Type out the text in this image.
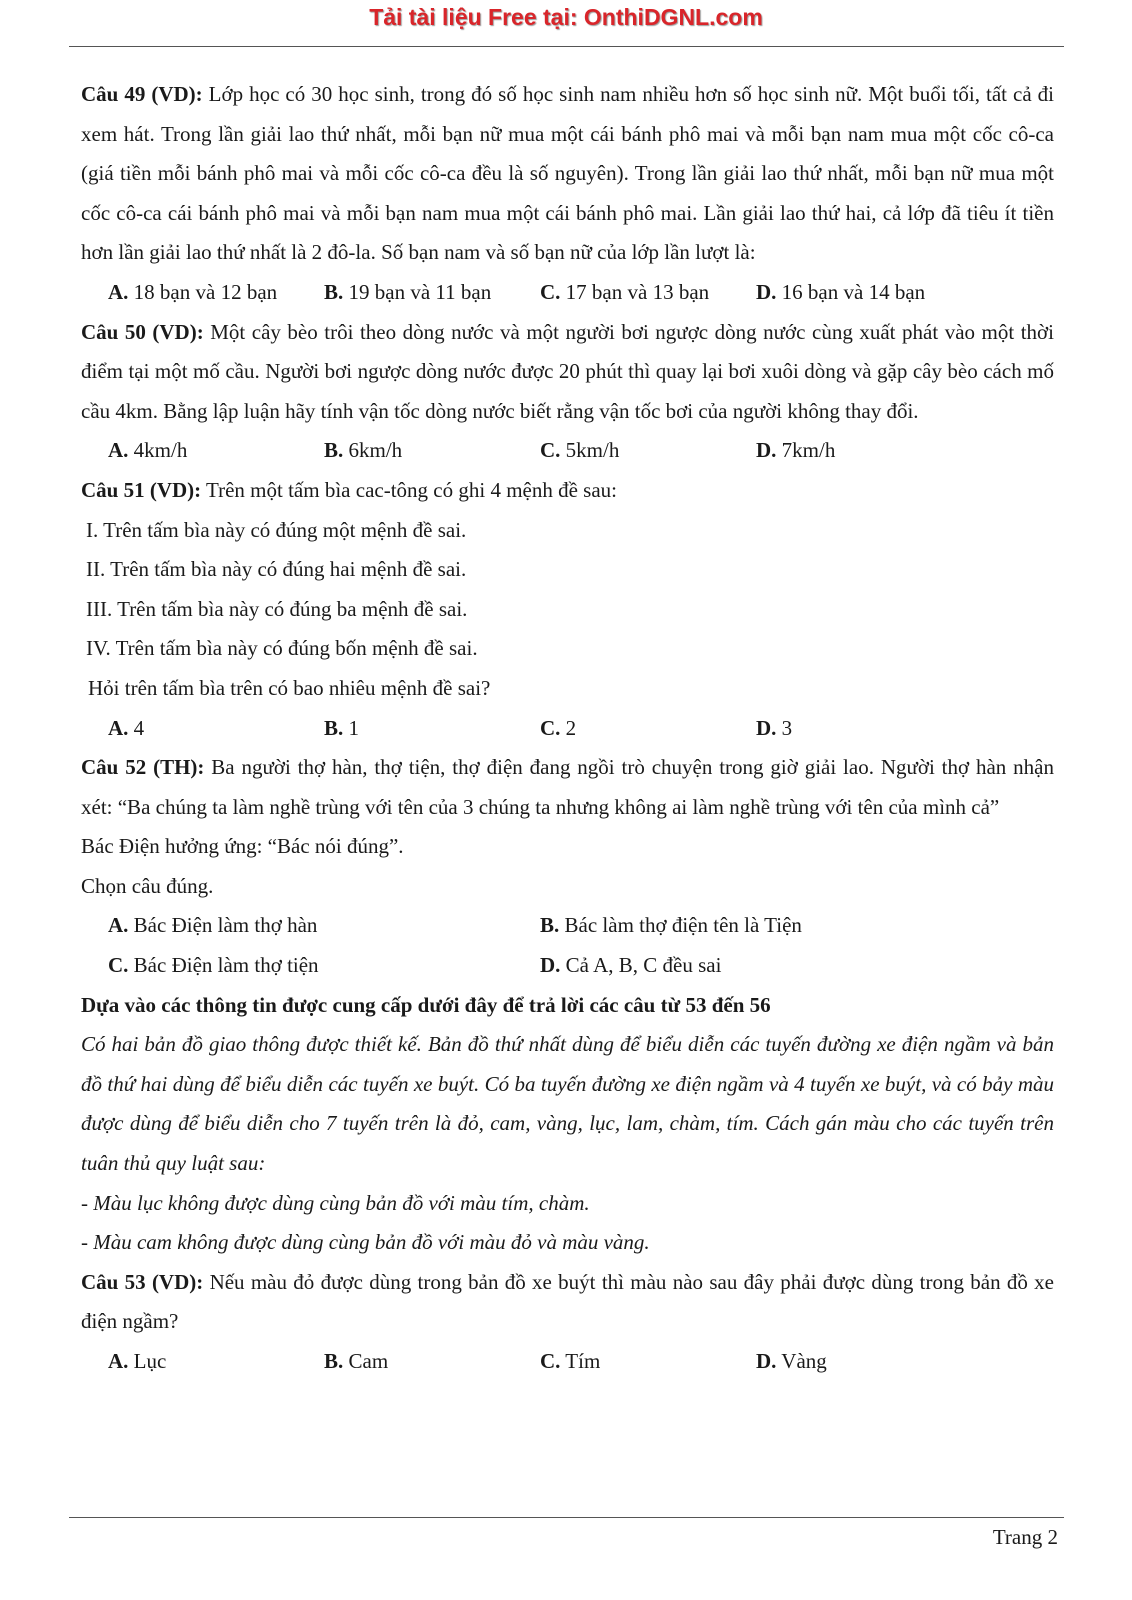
Tải tài liệu Free tại: OnthiDGNL.com

Câu 49 (VD): Lớp học có 30 học sinh, trong đó số học sinh nam nhiều hơn số học sinh nữ. Một buổi tối, tất cả đi xem hát. Trong lần giải lao thứ nhất, mỗi bạn nữ mua một cái bánh phô mai và mỗi bạn nam mua một cốc cô-ca (giá tiền mỗi bánh phô mai và mỗi cốc cô-ca đều là số nguyên). Trong lần giải lao thứ nhất, mỗi bạn nữ mua một cốc cô-ca cái bánh phô mai và mỗi bạn nam mua một cái bánh phô mai. Lần giải lao thứ hai, cả lớp đã tiêu ít tiền hơn lần giải lao thứ nhất là 2 đô-la. Số bạn nam và số bạn nữ của lớp lần lượt là:

A. 18 bạn và 12 bạn	B. 19 bạn và 11 bạn	C. 17 bạn và 13 bạn	D. 16 bạn và 14 bạn

Câu 50 (VD): Một cây bèo trôi theo dòng nước và một người bơi ngược dòng nước cùng xuất phát vào một thời điểm tại một mố cầu. Người bơi ngược dòng nước được 20 phút thì quay lại bơi xuôi dòng và gặp cây bèo cách mố cầu 4km. Bằng lập luận hãy tính vận tốc dòng nước biết rằng vận tốc bơi của người không thay đổi.

A. 4km/h	B. 6km/h	C. 5km/h	D. 7km/h

Câu 51 (VD): Trên một tấm bìa cac-tông có ghi 4 mệnh đề sau:

I. Trên tấm bìa này có đúng một mệnh đề sai.

II. Trên tấm bìa này có đúng hai mệnh đề sai.

III. Trên tấm bìa này có đúng ba mệnh đề sai.

IV. Trên tấm bìa này có đúng bốn mệnh đề sai.

Hỏi trên tấm bìa trên có bao nhiêu mệnh đề sai?

A. 4	B. 1	C. 2	D. 3

Câu 52 (TH): Ba người thợ hàn, thợ tiện, thợ điện đang ngồi trò chuyện trong giờ giải lao. Người thợ hàn nhận xét: “Ba chúng ta làm nghề trùng với tên của 3 chúng ta nhưng không ai làm nghề trùng với tên của mình cả”

Bác Điện hưởng ứng: “Bác nói đúng”.

Chọn câu đúng.

A. Bác Điện làm thợ hàn	B. Bác làm thợ điện tên là Tiện
C. Bác Điện làm thợ tiện	D. Cả A, B, C đều sai

Dựa vào các thông tin được cung cấp dưới đây để trả lời các câu từ 53 đến 56

Có hai bản đồ giao thông được thiết kế. Bản đồ thứ nhất dùng để biểu diễn các tuyến đường xe điện ngầm và bản đồ thứ hai dùng để biểu diễn các tuyến xe buýt. Có ba tuyến đường xe điện ngầm và 4 tuyến xe buýt, và có bảy màu được dùng để biểu diễn cho 7 tuyến trên là đỏ, cam, vàng, lục, lam, chàm, tím. Cách gán màu cho các tuyến trên tuân thủ quy luật sau:

- Màu lục không được dùng cùng bản đồ với màu tím, chàm.

- Màu cam không được dùng cùng bản đồ với màu đỏ và màu vàng.

Câu 53 (VD): Nếu màu đỏ được dùng trong bản đồ xe buýt thì màu nào sau đây phải được dùng trong bản đồ xe điện ngầm?

A. Lục	B. Cam	C. Tím	D. Vàng
Trang 2
